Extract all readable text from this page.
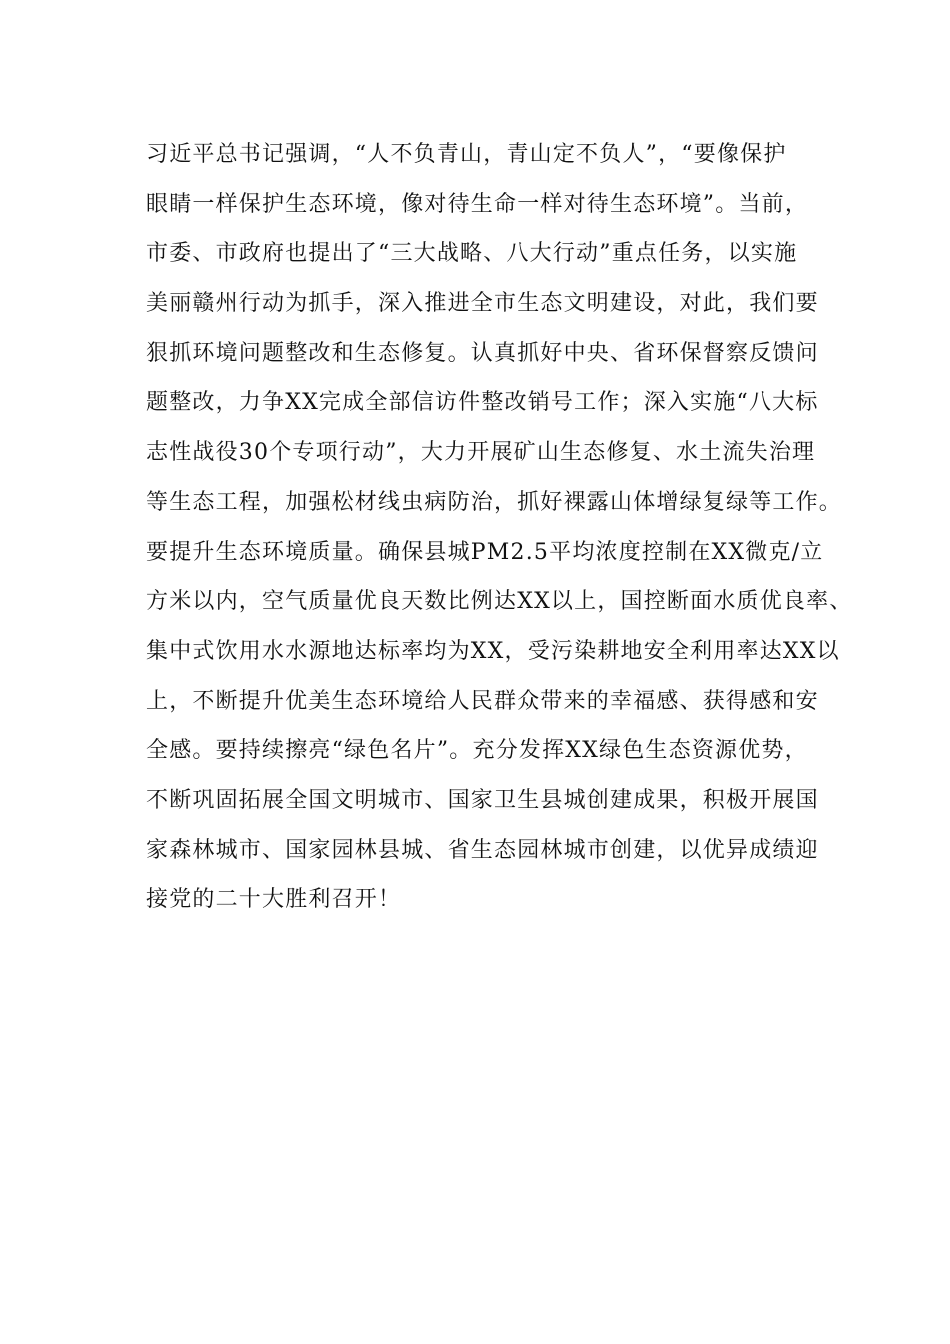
习近平总书记强调，“人不负青山，青山定不负人”，“要像保护
眼睛一样保护生态环境，像对待生命一样对待生态环境”。当前，
市委、市政府也提出了“三大战略、八大行动”重点任务，以实施
美丽赣州行动为抓手，深入推进全市生态文明建设，对此，我们要
狠抓环境问题整改和生态修复。认真抓好中央、省环保督察反馈问
题整改，力争XX完成全部信访件整改销号工作；深入实施“八大标
志性战役30个专项行动”，大力开展矿山生态修复、水土流失治理
等生态工程，加强松材线虫病防治，抓好裸露山体增绿复绿等工作。
要提升生态环境质量。确保县城PM2.5平均浓度控制在XX微克/立
方米以内，空气质量优良天数比例达XX以上，国控断面水质优良率、
集中式饮用水水源地达标率均为XX，受污染耕地安全利用率达XX以
上，不断提升优美生态环境给人民群众带来的幸福感、获得感和安
全感。要持续擦亮“绿色名片”。充分发挥XX绿色生态资源优势，
不断巩固拓展全国文明城市、国家卫生县城创建成果，积极开展国
家森林城市、国家园林县城、省生态园林城市创建，以优异成绩迎
接党的二十大胜利召开！
